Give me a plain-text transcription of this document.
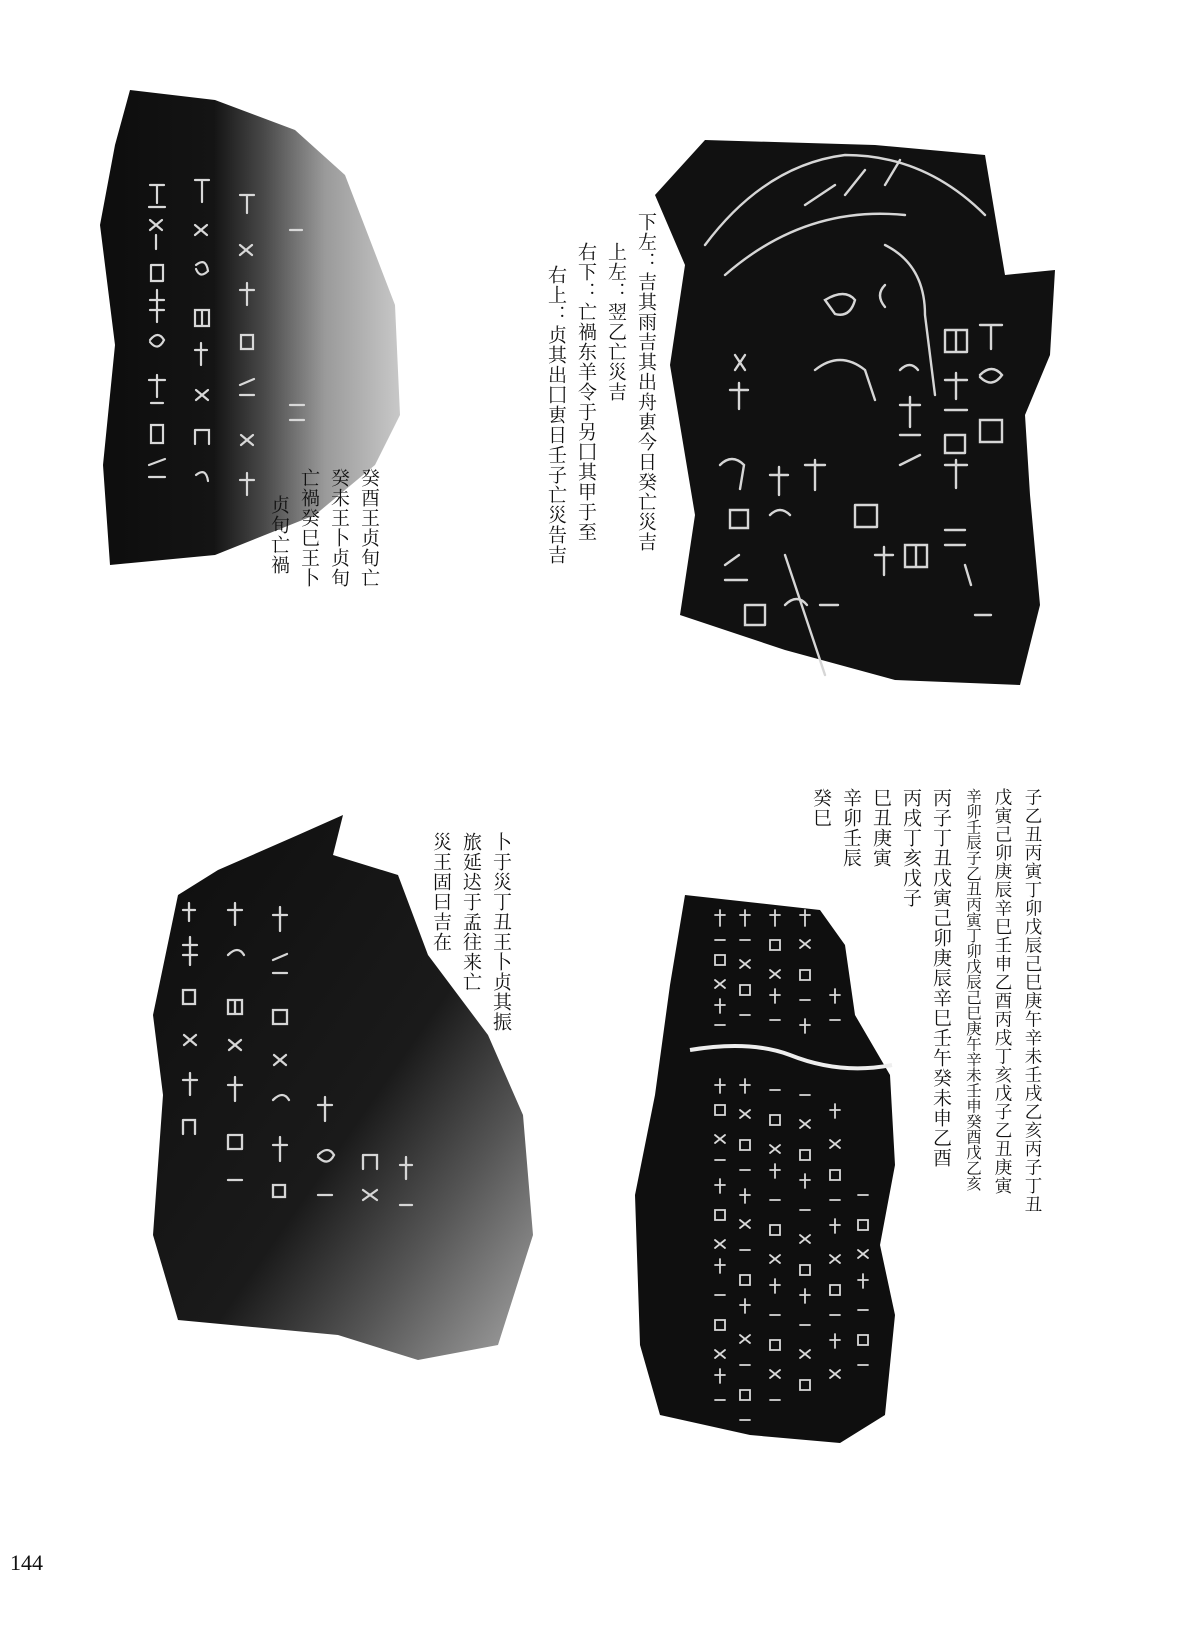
下左：吉其雨吉其出舟叀今日癸亡災吉
上左：翌乙亡災吉
右下：亡禍东羊令于另囗其甲于至
右上：贞其出囗叀日壬子亡災告吉
癸酉王贞旬亡
癸未王卜贞旬
亡禍癸巳王卜
贞旬亡禍
子乙丑丙寅丁卯戊辰己巳庚午辛未壬戌乙亥丙子丁丑
戊寅己卯庚辰辛巳壬申乙酉丙戌丁亥戊子乙丑庚寅
辛卯壬辰子乙丑丙寅丁卯戊辰己巳庚午辛未壬申癸酉戊乙亥
丙子丁丑戊寅己卯庚辰辛巳壬午癸未申乙酉
丙戌丁亥戊子
巳丑庚寅
辛卯壬辰
癸巳
卜于災丁丑王卜贞其振
旅延迖于孟往来亡
災王固曰吉在
144
